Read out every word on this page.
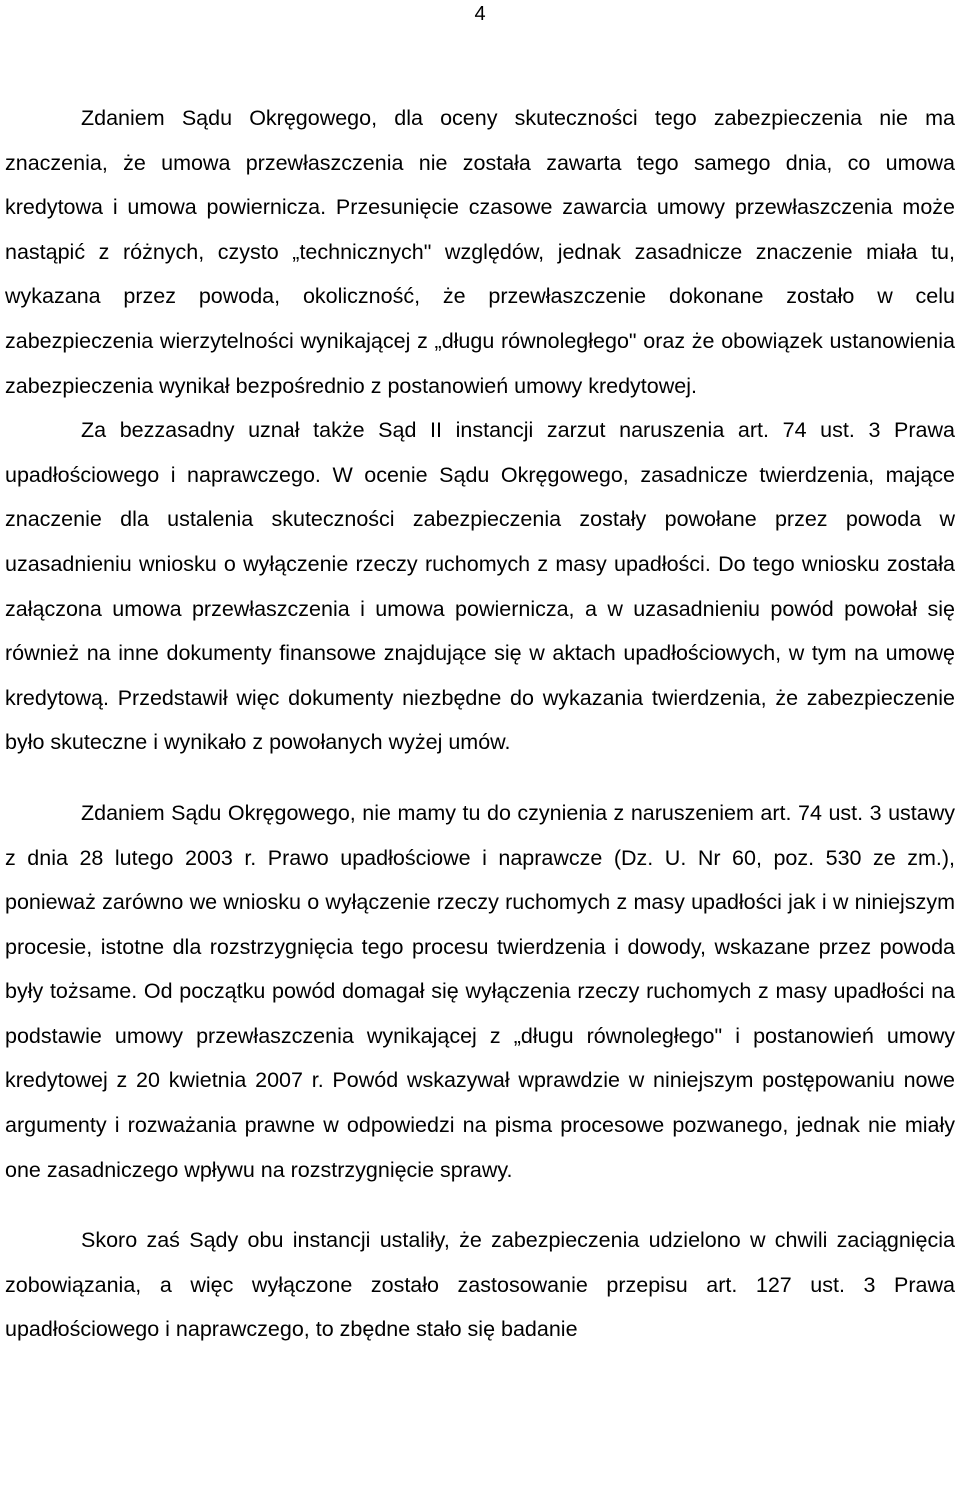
4

Zdaniem Sądu Okręgowego, dla oceny skuteczności tego zabezpieczenia nie ma znaczenia, że umowa przewłaszczenia nie została zawarta tego samego dnia, co umowa kredytowa i umowa powiernicza. Przesunięcie czasowe zawarcia umowy przewłaszczenia może nastąpić z różnych, czysto „technicznych" względów, jednak zasadnicze znaczenie miała tu, wykazana przez powoda, okoliczność, że przewłaszczenie dokonane zostało w celu zabezpieczenia wierzytelności wynikającej z „długu równoległego" oraz że obowiązek ustanowienia zabezpieczenia wynikał bezpośrednio z postanowień umowy kredytowej.

Za bezzasadny uznał także Sąd II instancji zarzut naruszenia art. 74 ust. 3 Prawa upadłościowego i naprawczego. W ocenie Sądu Okręgowego, zasadnicze twierdzenia, mające znaczenie dla ustalenia skuteczności zabezpieczenia zostały powołane przez powoda w uzasadnieniu wniosku o wyłączenie rzeczy ruchomych z masy upadłości. Do tego wniosku została załączona umowa przewłaszczenia i umowa powiernicza, a w uzasadnieniu powód powołał się również na inne dokumenty finansowe znajdujące się w aktach upadłościowych, w tym na umowę kredytową. Przedstawił więc dokumenty niezbędne do wykazania twierdzenia, że zabezpieczenie było skuteczne i wynikało z powołanych wyżej umów.

Zdaniem Sądu Okręgowego, nie mamy tu do czynienia z naruszeniem art. 74 ust. 3 ustawy z dnia 28 lutego 2003 r. Prawo upadłościowe i naprawcze (Dz. U. Nr 60, poz. 530 ze zm.), ponieważ zarówno we wniosku o wyłączenie rzeczy ruchomych z masy upadłości jak i w niniejszym procesie, istotne dla rozstrzygnięcia tego procesu twierdzenia i dowody, wskazane przez powoda były tożsame. Od początku powód domagał się wyłączenia rzeczy ruchomych z masy upadłości na podstawie umowy przewłaszczenia wynikającej z „długu równoległego" i postanowień umowy kredytowej z 20 kwietnia 2007 r. Powód wskazywał wprawdzie w niniejszym postępowaniu nowe argumenty i rozważania prawne w odpowiedzi na pisma procesowe pozwanego, jednak nie miały one zasadniczego wpływu na rozstrzygnięcie sprawy.

Skoro zaś Sądy obu instancji ustaliły, że zabezpieczenia udzielono w chwili zaciągnięcia zobowiązania, a więc wyłączone zostało zastosowanie przepisu art. 127 ust. 3 Prawa upadłościowego i naprawczego, to zbędne stało się badanie
